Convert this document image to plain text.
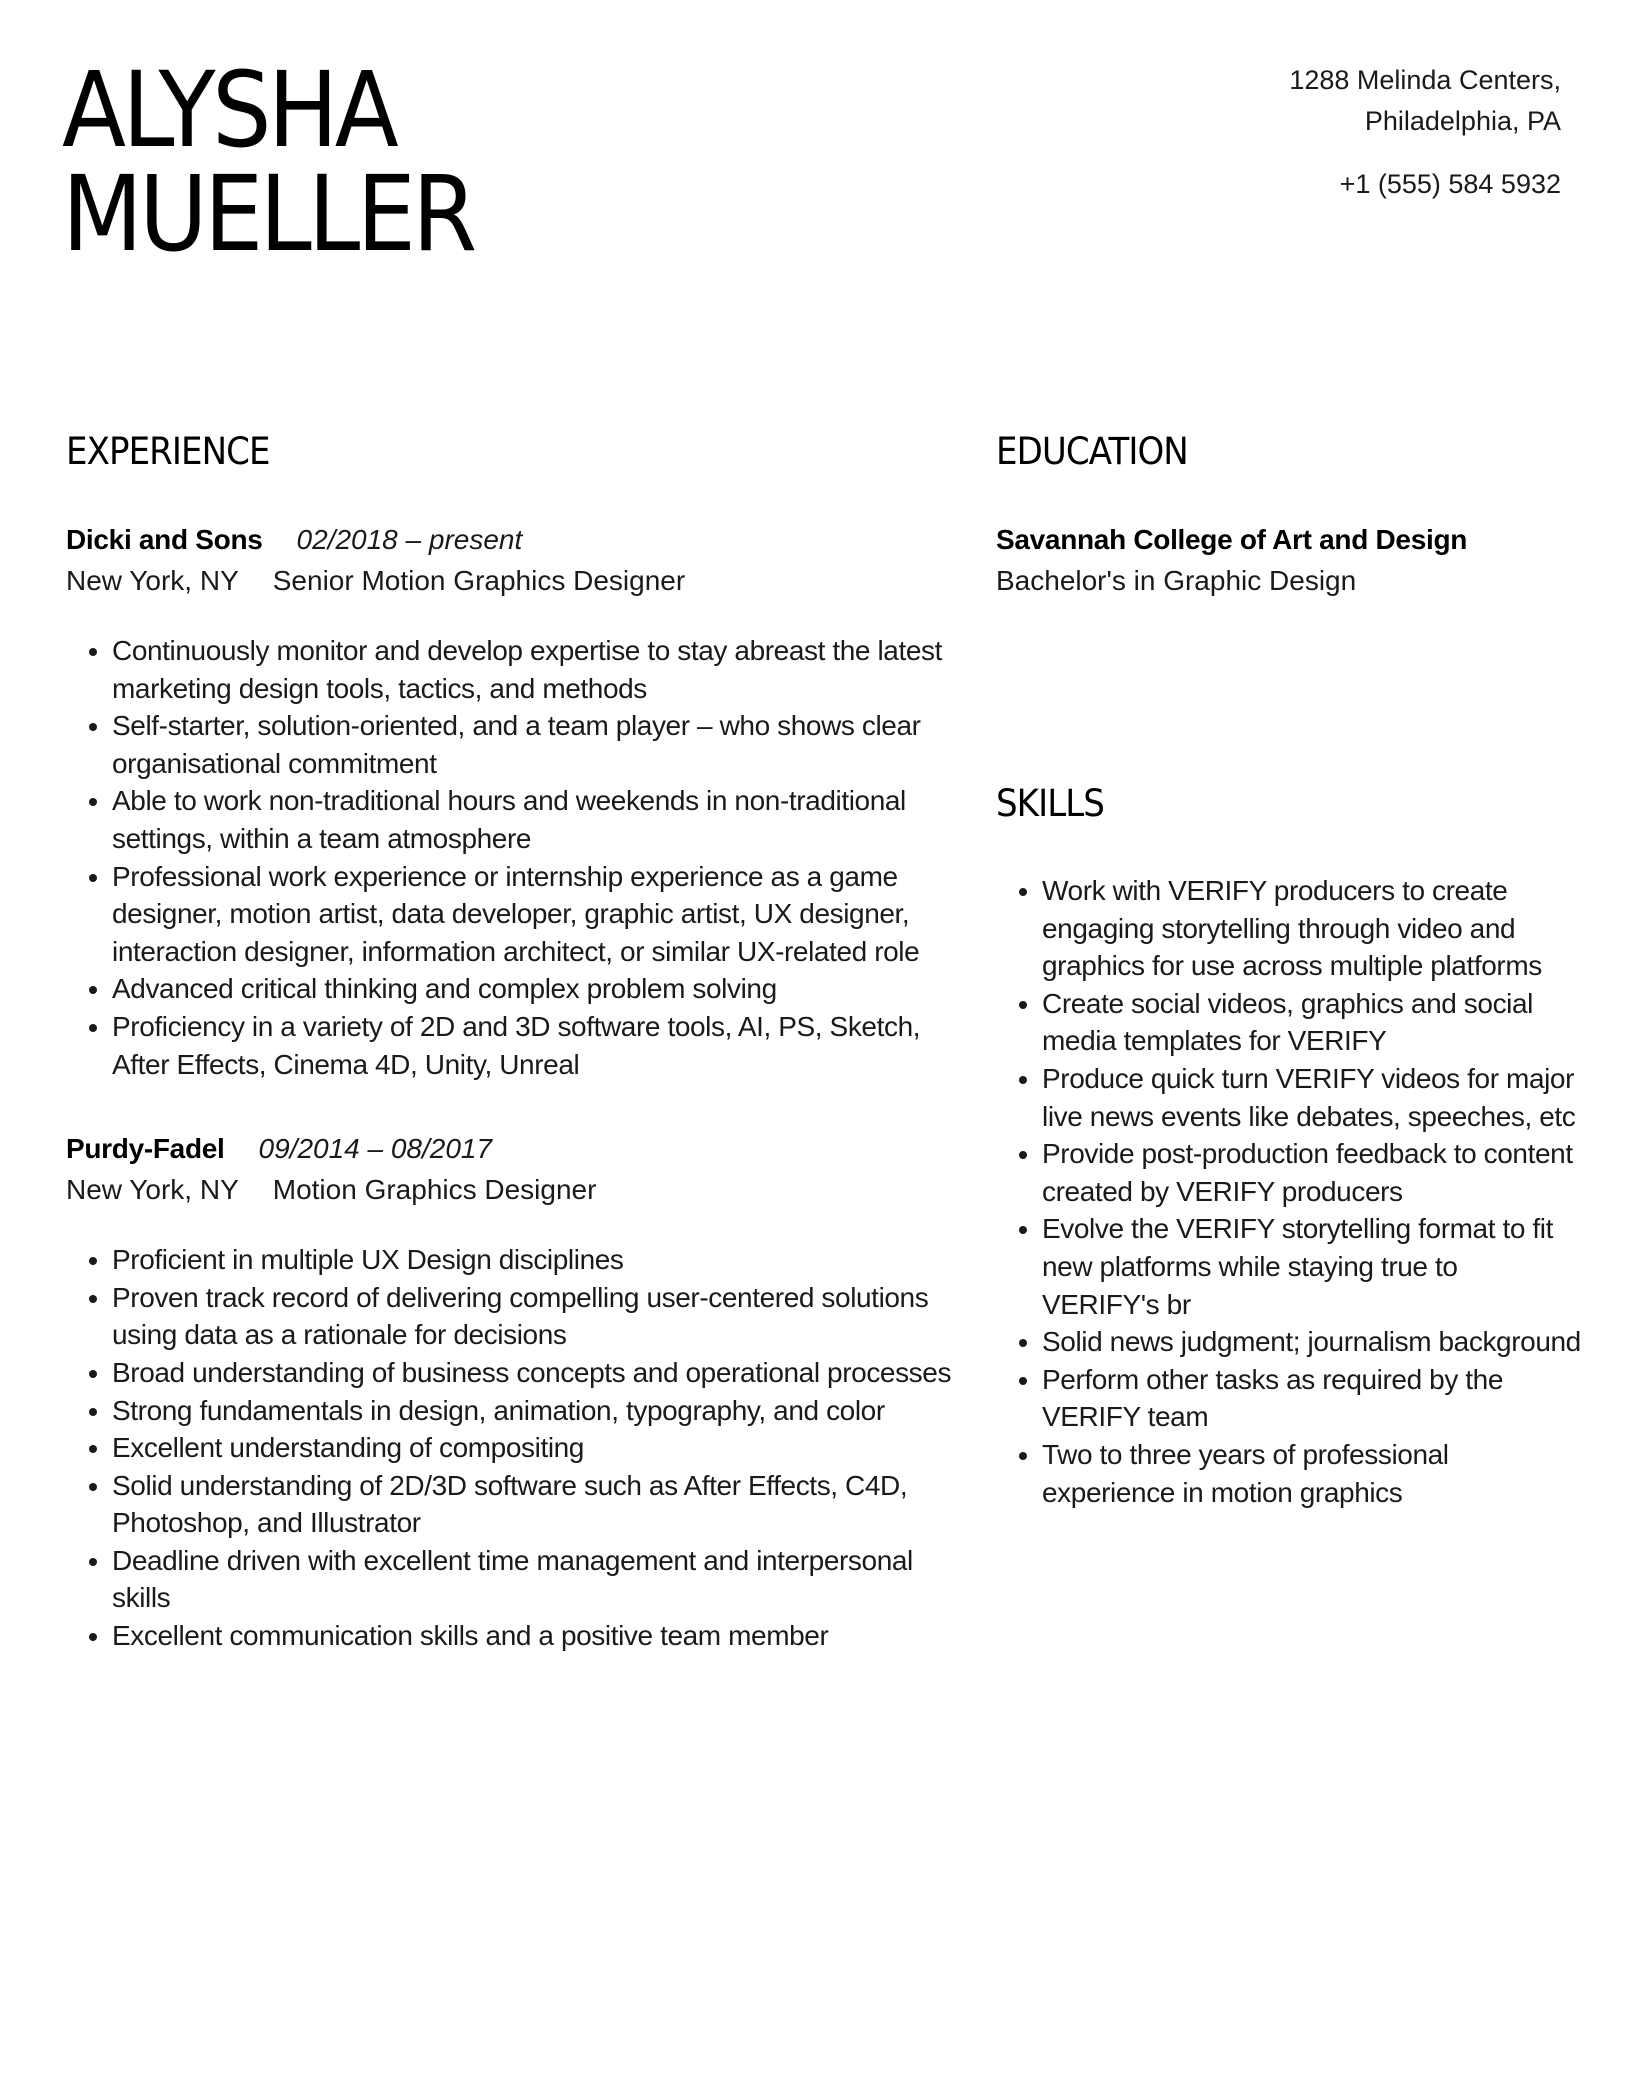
ALYSHA
MUELLER
1288 Melinda Centers,
Philadelphia, PA
+1 (555) 584 5932
EXPERIENCE
Dicki and Sons 02/2018 – present
New York, NY Senior Motion Graphics Designer
• Continuously monitor and develop expertise to stay abreast the latest marketing design tools, tactics, and methods
• Self-starter, solution-oriented, and a team player – who shows clear organisational commitment
• Able to work non-traditional hours and weekends in non-traditional settings, within a team atmosphere
• Professional work experience or internship experience as a game designer, motion artist, data developer, graphic artist, UX designer, interaction designer, information architect, or similar UX-related role
• Advanced critical thinking and complex problem solving
• Proficiency in a variety of 2D and 3D software tools, AI, PS, Sketch, After Effects, Cinema 4D, Unity, Unreal
Purdy-Fadel 09/2014 – 08/2017
New York, NY Motion Graphics Designer
• Proficient in multiple UX Design disciplines
• Proven track record of delivering compelling user-centered solutions using data as a rationale for decisions
• Broad understanding of business concepts and operational processes
• Strong fundamentals in design, animation, typography, and color
• Excellent understanding of compositing
• Solid understanding of 2D/3D software such as After Effects, C4D, Photoshop, and Illustrator
• Deadline driven with excellent time management and interpersonal skills
• Excellent communication skills and a positive team member
EDUCATION
Savannah College of Art and Design
Bachelor's in Graphic Design
SKILLS
• Work with VERIFY producers to create engaging storytelling through video and graphics for use across multiple platforms
• Create social videos, graphics and social media templates for VERIFY
• Produce quick turn VERIFY videos for major live news events like debates, speeches, etc
• Provide post-production feedback to content created by VERIFY producers
• Evolve the VERIFY storytelling format to fit new platforms while staying true to VERIFY's br
• Solid news judgment; journalism background
• Perform other tasks as required by the VERIFY team
• Two to three years of professional experience in motion graphics
